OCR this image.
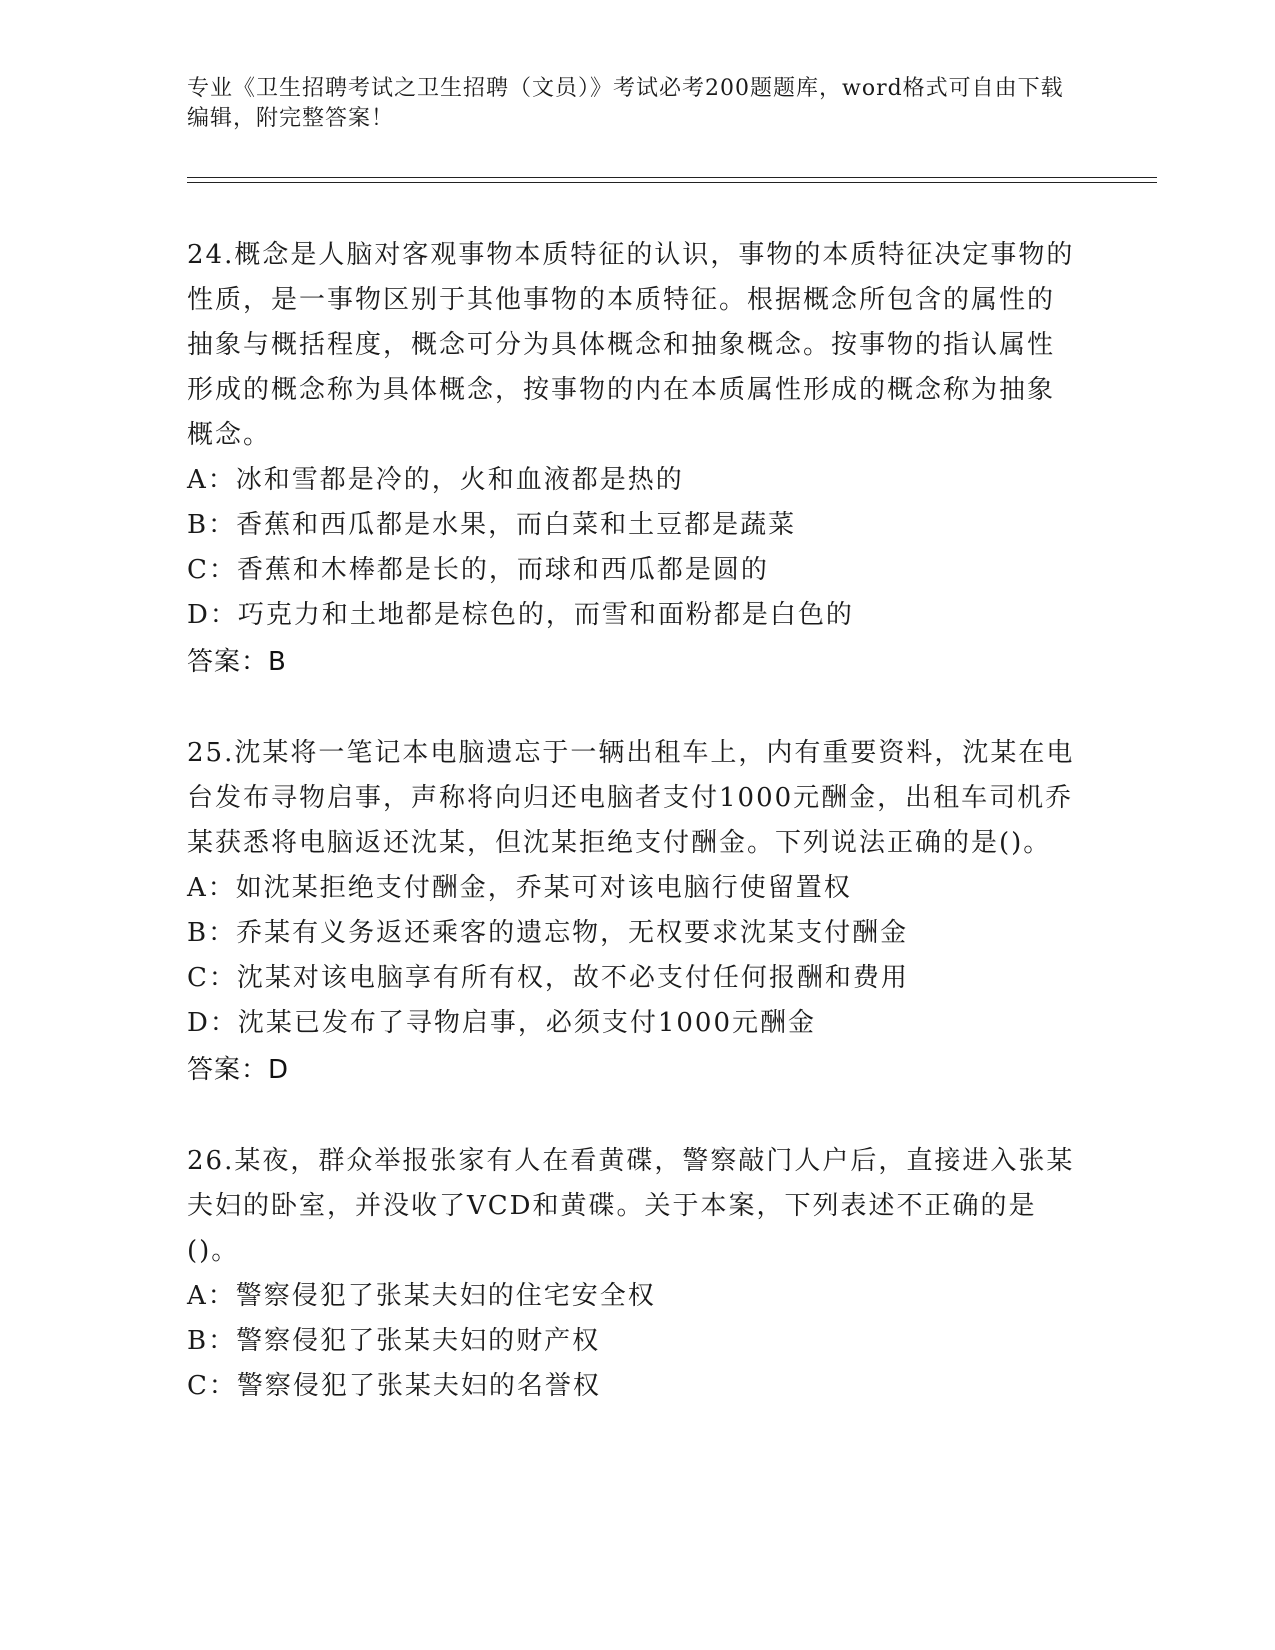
专业《卫生招聘考试之卫生招聘（文员）》考试必考200题题库，word格式可自由下载编辑，附完整答案！

24.概念是人脑对客观事物本质特征的认识，事物的本质特征决定事物的性质，是一事物区别于其他事物的本质特征。根据概念所包含的属性的抽象与概括程度，概念可分为具体概念和抽象概念。按事物的指认属性形成的概念称为具体概念，按事物的内在本质属性形成的概念称为抽象概念。

A：冰和雪都是冷的，火和血液都是热的

B：香蕉和西瓜都是水果，而白菜和土豆都是蔬菜

C：香蕉和木棒都是长的，而球和西瓜都是圆的

D：巧克力和土地都是棕色的，而雪和面粉都是白色的

答案：B

25.沈某将一笔记本电脑遗忘于一辆出租车上，内有重要资料，沈某在电台发布寻物启事，声称将向归还电脑者支付1000元酬金，出租车司机乔某获悉将电脑返还沈某，但沈某拒绝支付酬金。下列说法正确的是()。

A：如沈某拒绝支付酬金，乔某可对该电脑行使留置权

B：乔某有义务返还乘客的遗忘物，无权要求沈某支付酬金

C：沈某对该电脑享有所有权，故不必支付任何报酬和费用

D：沈某已发布了寻物启事，必须支付1000元酬金

答案：D

26.某夜，群众举报张家有人在看黄碟，警察敲门人户后，直接进入张某夫妇的卧室，并没收了VCD和黄碟。关于本案，下列表述不正确的是()。

A：警察侵犯了张某夫妇的住宅安全权

B：警察侵犯了张某夫妇的财产权

C：警察侵犯了张某夫妇的名誉权
